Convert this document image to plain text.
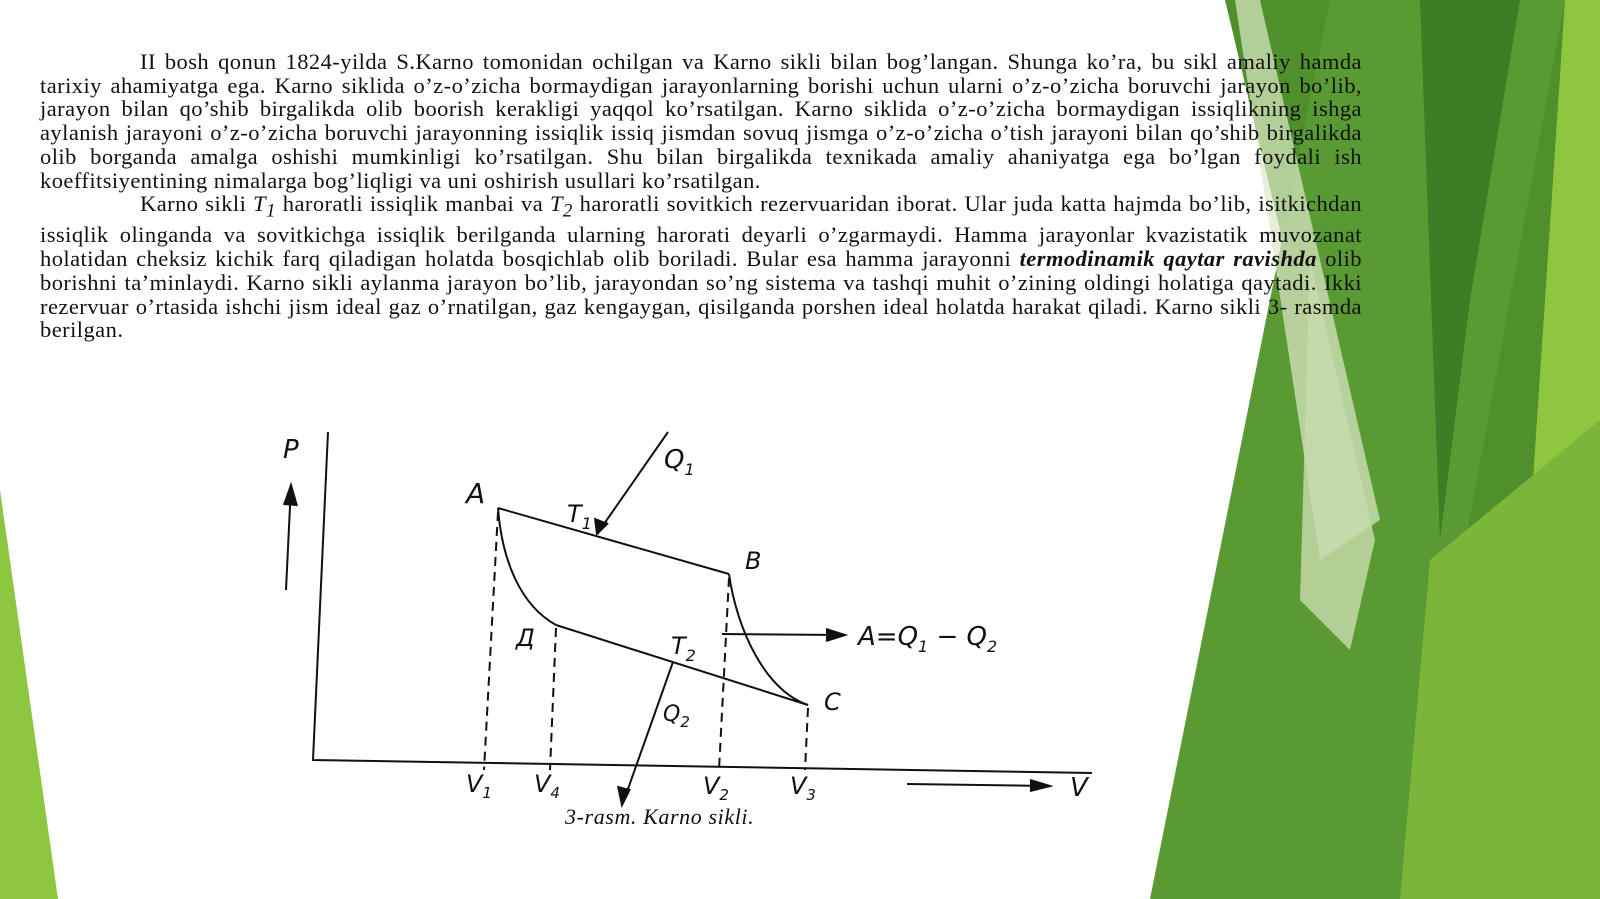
II bosh qonun 1824-yilda S.Karno tomonidan ochilgan va Karno sikli bilan bog’langan. Shunga ko’ra, bu sikl amaliy hamda tarixiy ahamiyatga ega. Karno siklida o’z-o’zicha bormaydigan jarayonlarning borishi uchun ularni o’z-o’zicha boruvchi jarayon bo’lib, jarayon bilan qo’shib birgalikda olib boorish kerakligi yaqqol ko’rsatilgan. Karno siklida o’z-o’zicha bormaydigan issiqlikning ishga aylanish jarayoni o’z-o’zicha boruvchi jarayonning issiqlik issiq jismdan sovuq jismga o’z-o’zicha o’tish jarayoni bilan qo’shib birgalikda olib borganda amalga oshishi mumkinligi ko’rsatilgan. Shu bilan birgalikda texnikada amaliy ahaniyatga ega bo’lgan foydali ish koeffitsiyentining nimalarga bog’liqligi va uni oshirish usullari ko’rsatilgan.

Karno sikli $T_1$ haroratli issiqlik manbai va $T_2$ haroratli sovitkich rezervuaridan iborat. Ular juda katta hajmda bo’lib, isitkichdan issiqlik olinganda va sovitkichga issiqlik berilganda ularning harorati deyarli o’zgarmaydi. Hamma jarayonlar kvazistatik muvozanat holatidan cheksiz kichik farq qiladigan holatda bosqichlab olib boriladi. Bular esa hamma jarayonni termodinamik qaytar ravishda olib borishni ta’minlaydi. Karno sikli aylanma jarayon bo’lib, jarayondan so’ng sistema va tashqi muhit o’zining oldingi holatiga qaytadi. Ikki rezervuar o’rtasida ishchi jism ideal gaz o’rnatilgan, gaz kengaygan, qisilganda porshen ideal holatda harakat qiladi. Karno sikli 3- rasmda berilgan.

P
V
A
B
C
Д
$T_1$
$T_2$
$Q_1$
$Q_2$
$A=Q_1 - Q_2$
$V_1$ $V_4$	$V_2$	$V_3$
3-rasm. Karno sikli.
